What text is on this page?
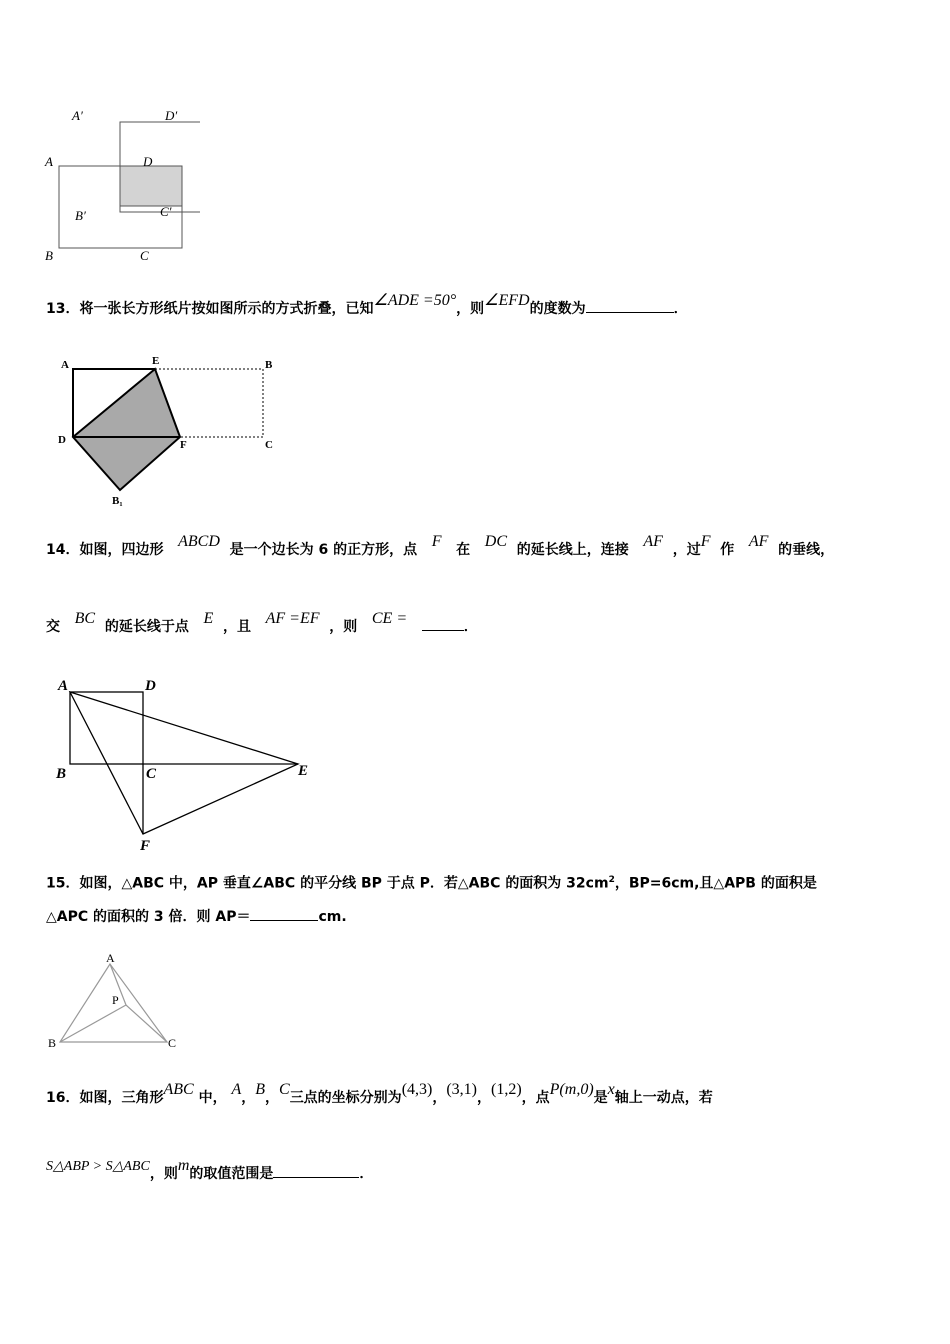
A′	D′
A	D
B′	C′
B	C
13．将一张长方形纸片按如图所示的方式折叠，已知∠ADE =50°，则∠EFD的度数为	．
A	E	B
D	F	C
B₁
14．如图，四边形 ABCD 是一个边长为 6 的正方形，点 F 在 DC 的延长线上，连接 AF ，过F 作 AF 的垂线，
交 BC 的延长线于点 E ，且 AF =EF ，则 CE =	．
A	D
B	C	E
F
15．如图，△ABC 中，AP 垂直∠ABC 的平分线 BP 于点 P．若△ABC 的面积为 $32cm^2$，BP=6cm,且△APB 的面积是
△APC 的面积的 3 倍．则 AP＝	cm.
A
P
B	C
16．如图，三角形ABC 中， A，B，C三点的坐标分别为(4,3)，(3,1)，(1,2)，点P(m,0)是x轴上一动点，若
S△ABP > S△ABC，则m的取值范围是	．
